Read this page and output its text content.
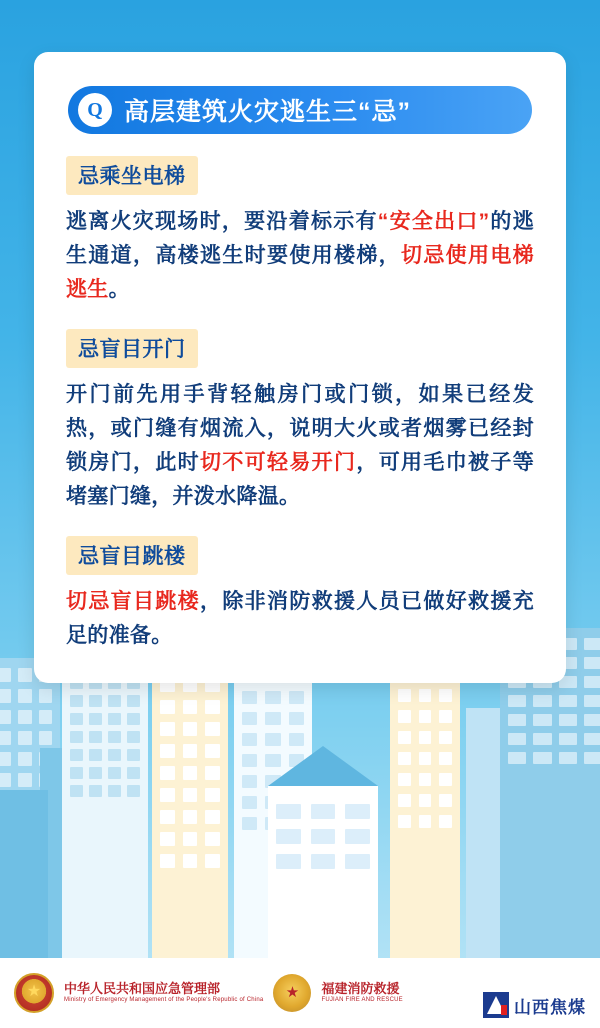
Q 高层建筑火灾逃生三“忌”
忌乘坐电梯
逃离火灾现场时，要沿着标示有“安全出口”的逃生通道，高楼逃生时要使用楼梯，切忌使用电梯逃生。
忌盲目开门
开门前先用手背轻触房门或门锁，如果已经发热，或门缝有烟流入，说明大火或者烟雾已经封锁房门，此时切不可轻易开门，可用毛巾被子等堵塞门缝，并泼水降温。
忌盲目跳楼
切忌盲目跳楼，除非消防救援人员已做好救援充足的准备。
★
中华人民共和国应急管理部
Ministry of Emergency Management of the People's Republic of China
★
福建消防救援
FUJIAN FIRE AND RESCUE	山西焦煤
